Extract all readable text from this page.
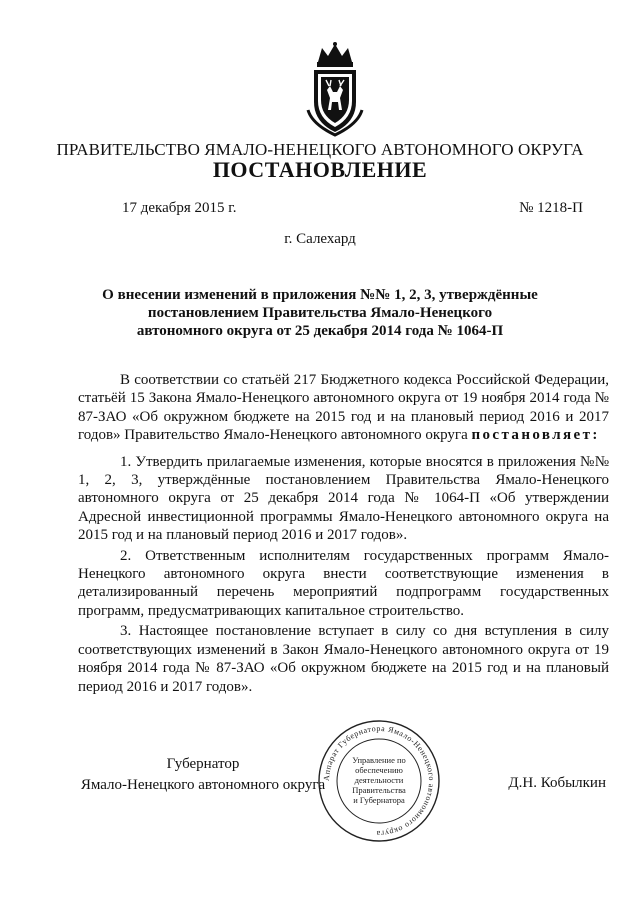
ПРАВИТЕЛЬСТВО ЯМАЛО-НЕНЕЦКОГО АВТОНОМНОГО ОКРУГА
ПОСТАНОВЛЕНИЕ
17 декабря 2015 г.	№ 1218-П
г. Салехард
О внесении изменений в приложения №№ 1, 2, 3, утверждённые
постановлением Правительства Ямало-Ненецкого
автономного округа от 25 декабря 2014 года № 1064-П

В соответствии со статьёй 217 Бюджетного кодекса Российской Федерации, статьёй 15 Закона Ямало-Ненецкого автономного округа от 19 ноября 2014 года № 87-ЗАО «Об окружном бюджете на 2015 год и на плановый период 2016 и 2017 годов» Правительство Ямало-Ненецкого автономного округа постановляет:

1. Утвердить прилагаемые изменения, которые вносятся в приложения №№ 1, 2, 3, утверждённые постановлением Правительства Ямало-Ненецкого автономного округа от 25 декабря 2014 года № 1064-П «Об утверждении Адресной инвестиционной программы Ямало-Ненецкого автономного округа на 2015 год и на плановый период 2016 и 2017 годов».

2. Ответственным исполнителям государственных программ Ямало-Ненецкого автономного округа внести соответствующие изменения в детализированный перечень мероприятий подпрограмм государственных программ, предусматривающих капитальное строительство.

3. Настоящее постановление вступает в силу со дня вступления в силу соответствующих изменений в Закон Ямало-Ненецкого автономного округа от 19 ноября 2014 года № 87-ЗАО «Об окружном бюджете на 2015 год и на плановый период 2016 и 2017 годов».

Губернатор
Ямало-Ненецкого автономного округа	Д.Н. Кобылкин
Аппарат Губернатора Ямало-Ненецкого автономного округа
Управление по
обеспечению
деятельности
Правительства
и Губернатора
